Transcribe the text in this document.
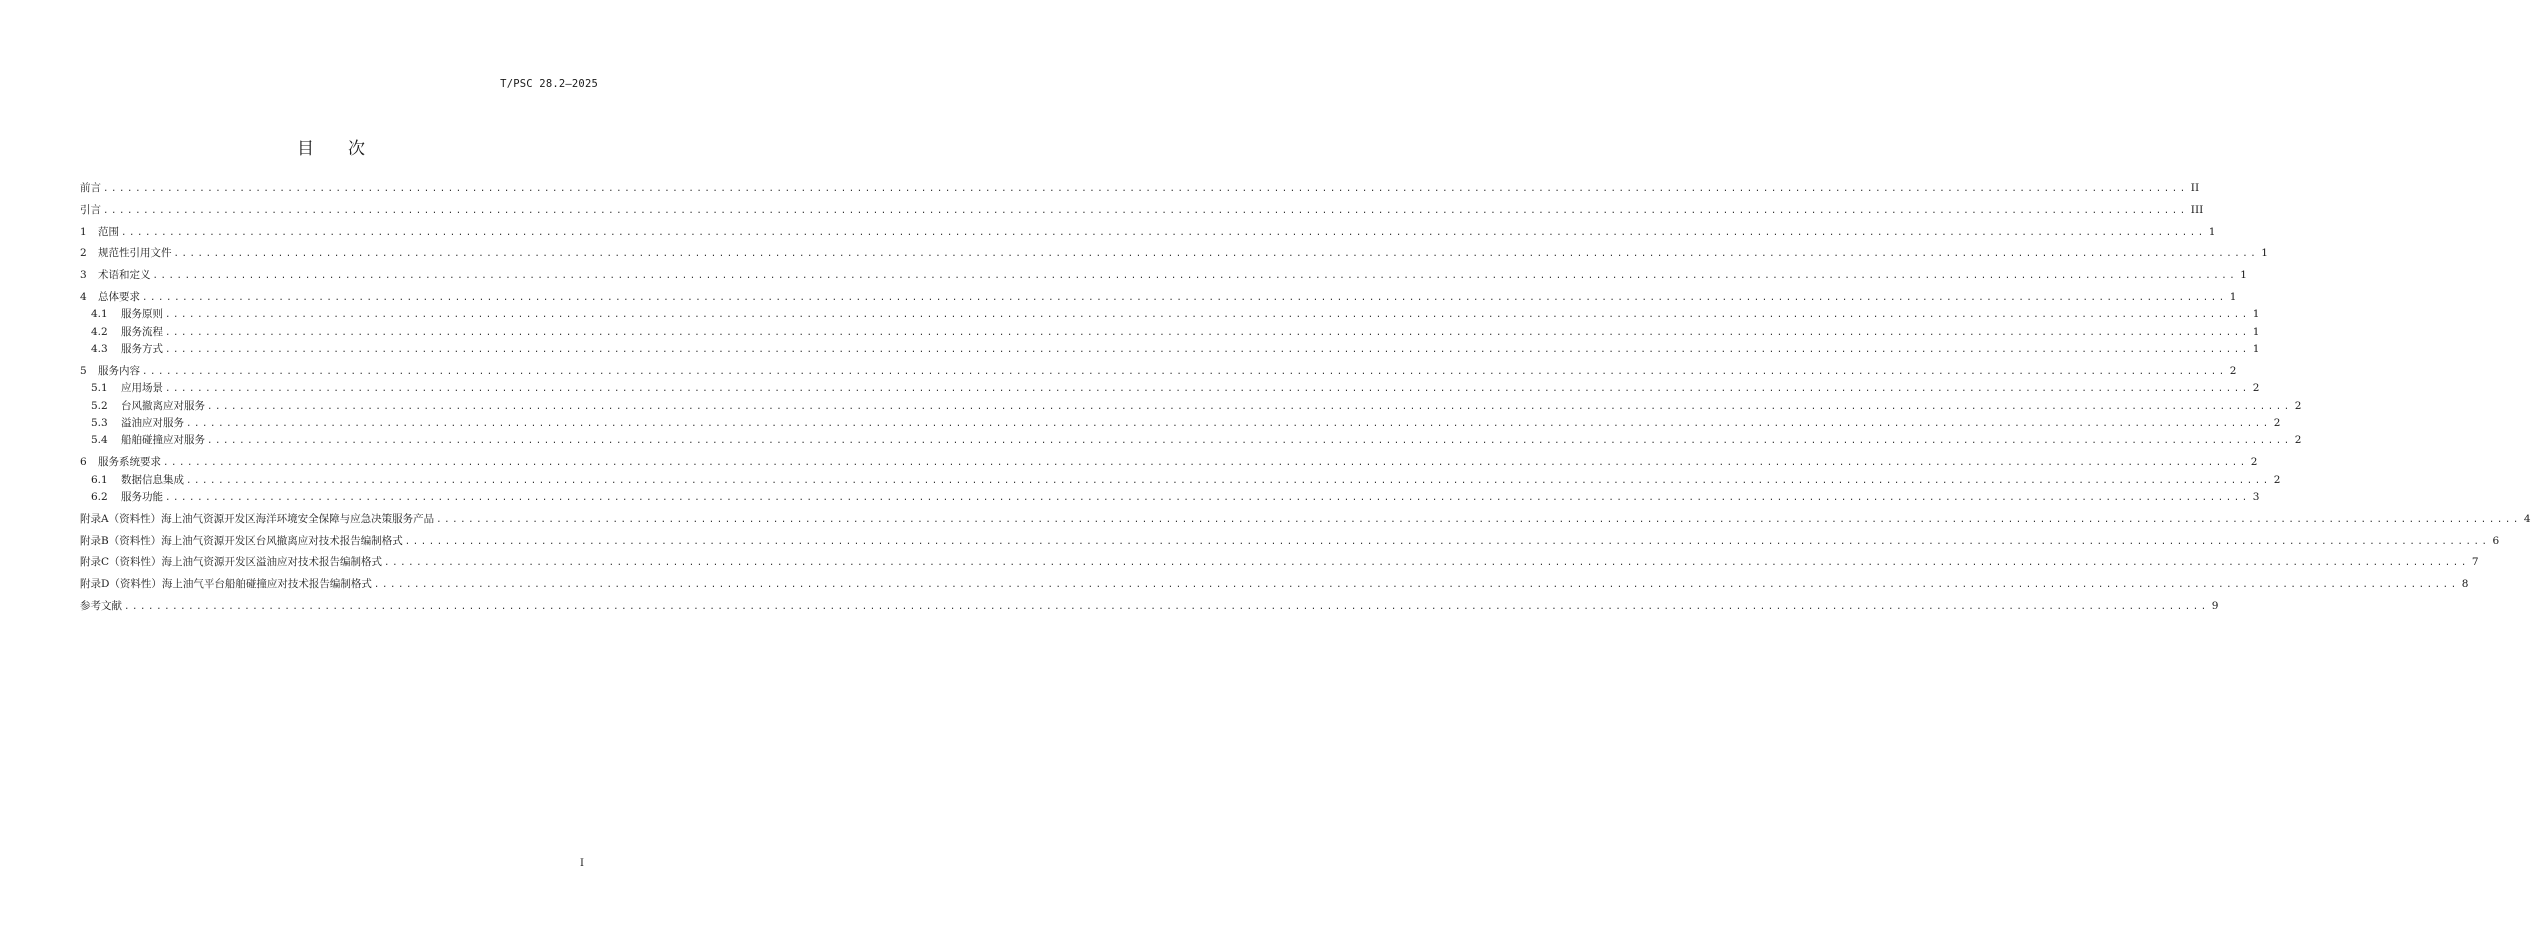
T/PSC 28.2—2025
目次
前言 .................................................................................................................................................................................................................................................................... II
引言 .................................................................................................................................................................................................................................................................... III
1 范围 .................................................................................................................................................................................................................................................................... 1
2 规范性引用文件 .................................................................................................................................................................................................................................................................... 1
3 术语和定义 .................................................................................................................................................................................................................................................................... 1
4 总体要求 .................................................................................................................................................................................................................................................................... 1
4.1 服务原则 .................................................................................................................................................................................................................................................................... 1
4.2 服务流程 .................................................................................................................................................................................................................................................................... 1
4.3 服务方式 .................................................................................................................................................................................................................................................................... 1
5 服务内容 .................................................................................................................................................................................................................................................................... 2
5.1 应用场景 .................................................................................................................................................................................................................................................................... 2
5.2 台风撤离应对服务 .................................................................................................................................................................................................................................................................... 2
5.3 溢油应对服务 .................................................................................................................................................................................................................................................................... 2
5.4 船舶碰撞应对服务 .................................................................................................................................................................................................................................................................... 2
6 服务系统要求 .................................................................................................................................................................................................................................................................... 2
6.1 数据信息集成 .................................................................................................................................................................................................................................................................... 2
6.2 服务功能 .................................................................................................................................................................................................................................................................... 3
附录A（资料性）海上油气资源开发区海洋环境安全保障与应急决策服务产品 .................................................................................................................................................................................................................................................................... 4
附录B（资料性）海上油气资源开发区台风撤离应对技术报告编制格式 .................................................................................................................................................................................................................................................................... 6
附录C（资料性）海上油气资源开发区溢油应对技术报告编制格式 .................................................................................................................................................................................................................................................................... 7
附录D（资料性）海上油气平台船舶碰撞应对技术报告编制格式 .................................................................................................................................................................................................................................................................... 8
参考文献 .................................................................................................................................................................................................................................................................... 9
I
